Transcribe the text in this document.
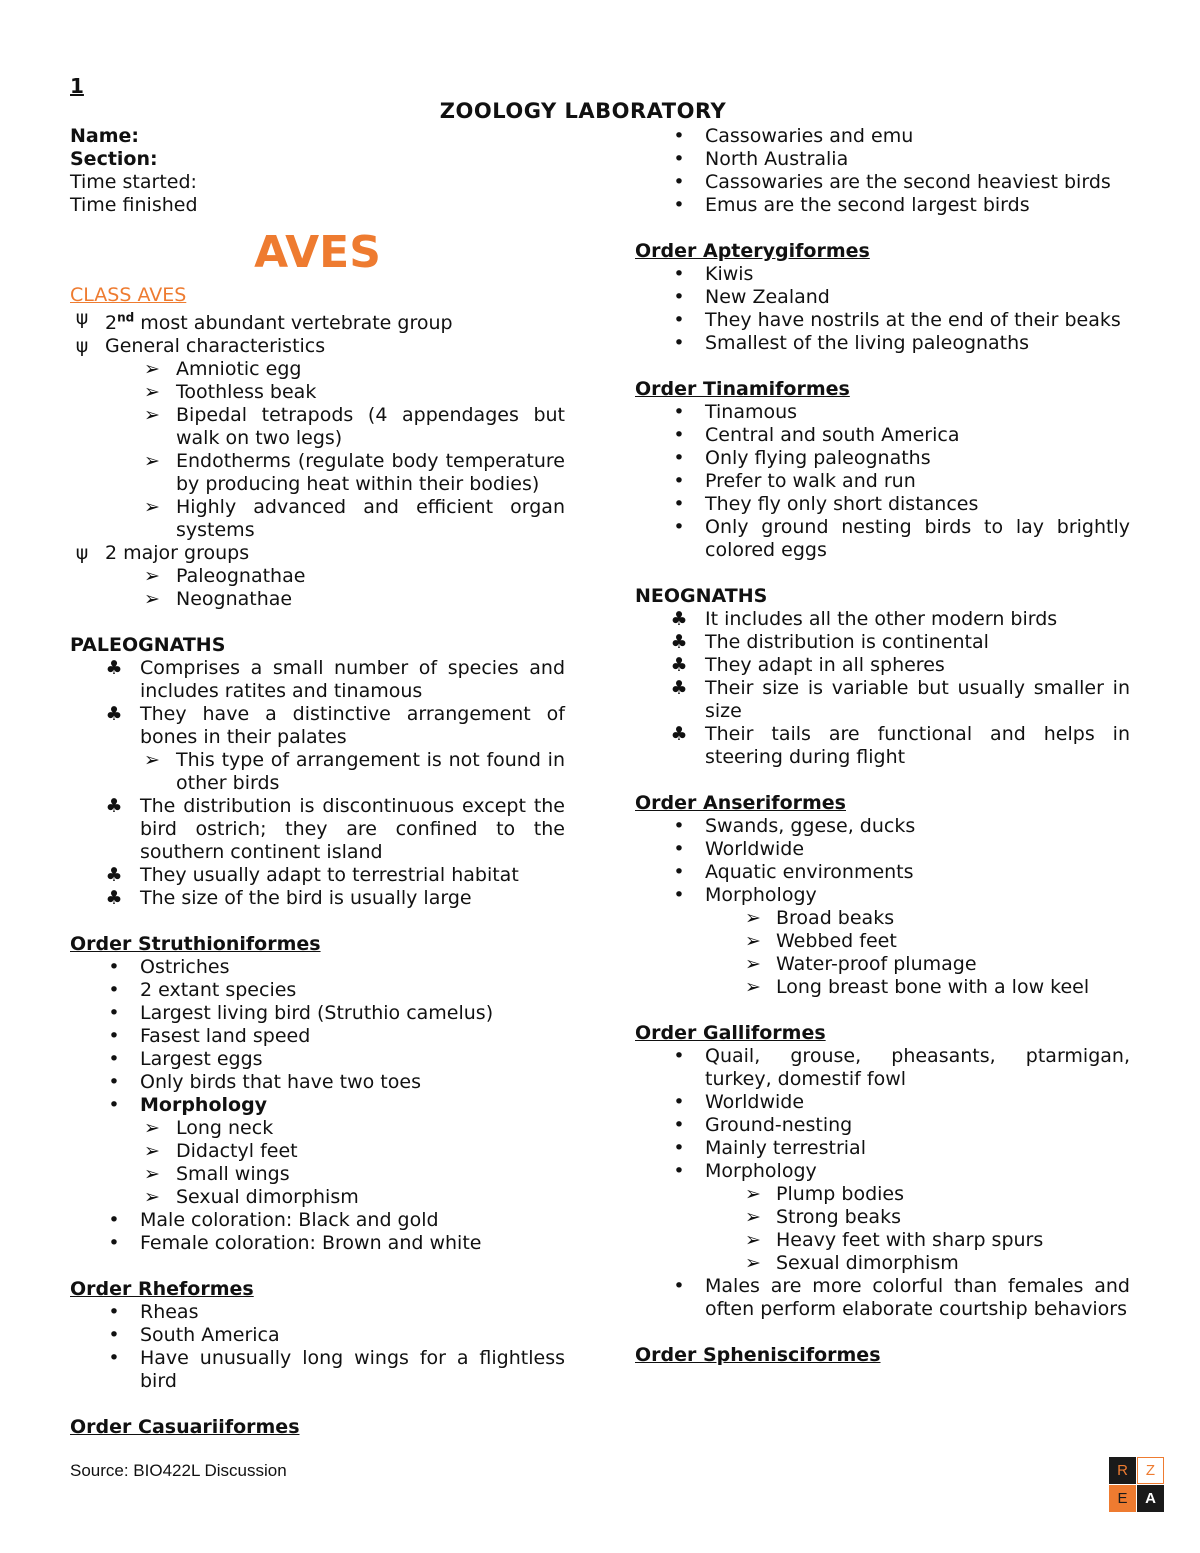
1
ZOOLOGY LABORATORY
Name:
Section:
Time started:
Time finished
AVES
CLASS AVES
ψ 2nd most abundant vertebrate group
ψ General characteristics
➢ Amniotic egg
➢ Toothless beak
➢ Bipedal tetrapods (4 appendages but walk on two legs)
➢ Endotherms (regulate body temperature by producing heat within their bodies)
➢ Highly advanced and efficient organ systems
ψ 2 major groups
➢ Paleognathae
➢ Neognathae
PALEOGNATHS
♣ Comprises a small number of species and includes ratites and tinamous
♣ They have a distinctive arrangement of bones in their palates
➢ This type of arrangement is not found in other birds
♣ The distribution is discontinuous except the bird ostrich; they are confined to the southern continent island
♣ They usually adapt to terrestrial habitat
♣ The size of the bird is usually large
Order Struthioniformes
•	Ostriches
•	2 extant species
•	Largest living bird (Struthio camelus)
•	Fasest land speed
•	Largest eggs
•	Only birds that have two toes
•	Morphology
➢ Long neck
➢ Didactyl feet
➢ Small wings
➢ Sexual dimorphism
•	Male coloration: Black and gold
•	Female coloration: Brown and white
Order Rheformes
•	Rheas
•	South America
•	Have unusually long wings for a flightless bird
Order Casuariiformes
•	Cassowaries and emu
•	North Australia
•	Cassowaries are the second heaviest birds
•	Emus are the second largest birds
Order Apterygiformes
•	Kiwis
•	New Zealand
•	They have nostrils at the end of their beaks
•	Smallest of the living paleognaths
Order Tinamiformes
•	Tinamous
•	Central and south America
•	Only flying paleognaths
•	Prefer to walk and run
•	They fly only short distances
•	Only ground nesting birds to lay brightly colored eggs
NEOGNATHS
♣ It includes all the other modern birds
♣ The distribution is continental
♣ They adapt in all spheres
♣ Their size is variable but usually smaller in size
♣ Their tails are functional and helps in steering during flight
Order Anseriformes
•	Swands, ggese, ducks
•	Worldwide
•	Aquatic environments
•	Morphology
➢ Broad beaks
➢ Webbed feet
➢ Water-proof plumage
➢ Long breast bone with a low keel
Order Galliformes
•	Quail, grouse, pheasants, ptarmigan, turkey, domestif fowl
•	Worldwide
•	Ground-nesting
•	Mainly terrestrial
•	Morphology
➢ Plump bodies
➢ Strong beaks
➢ Heavy feet with sharp spurs
➢ Sexual dimorphism
•	Males are more colorful than females and often perform elaborate courtship behaviors
Order Sphenisciformes
Source: BIO422L Discussion	R	Z
E	A
